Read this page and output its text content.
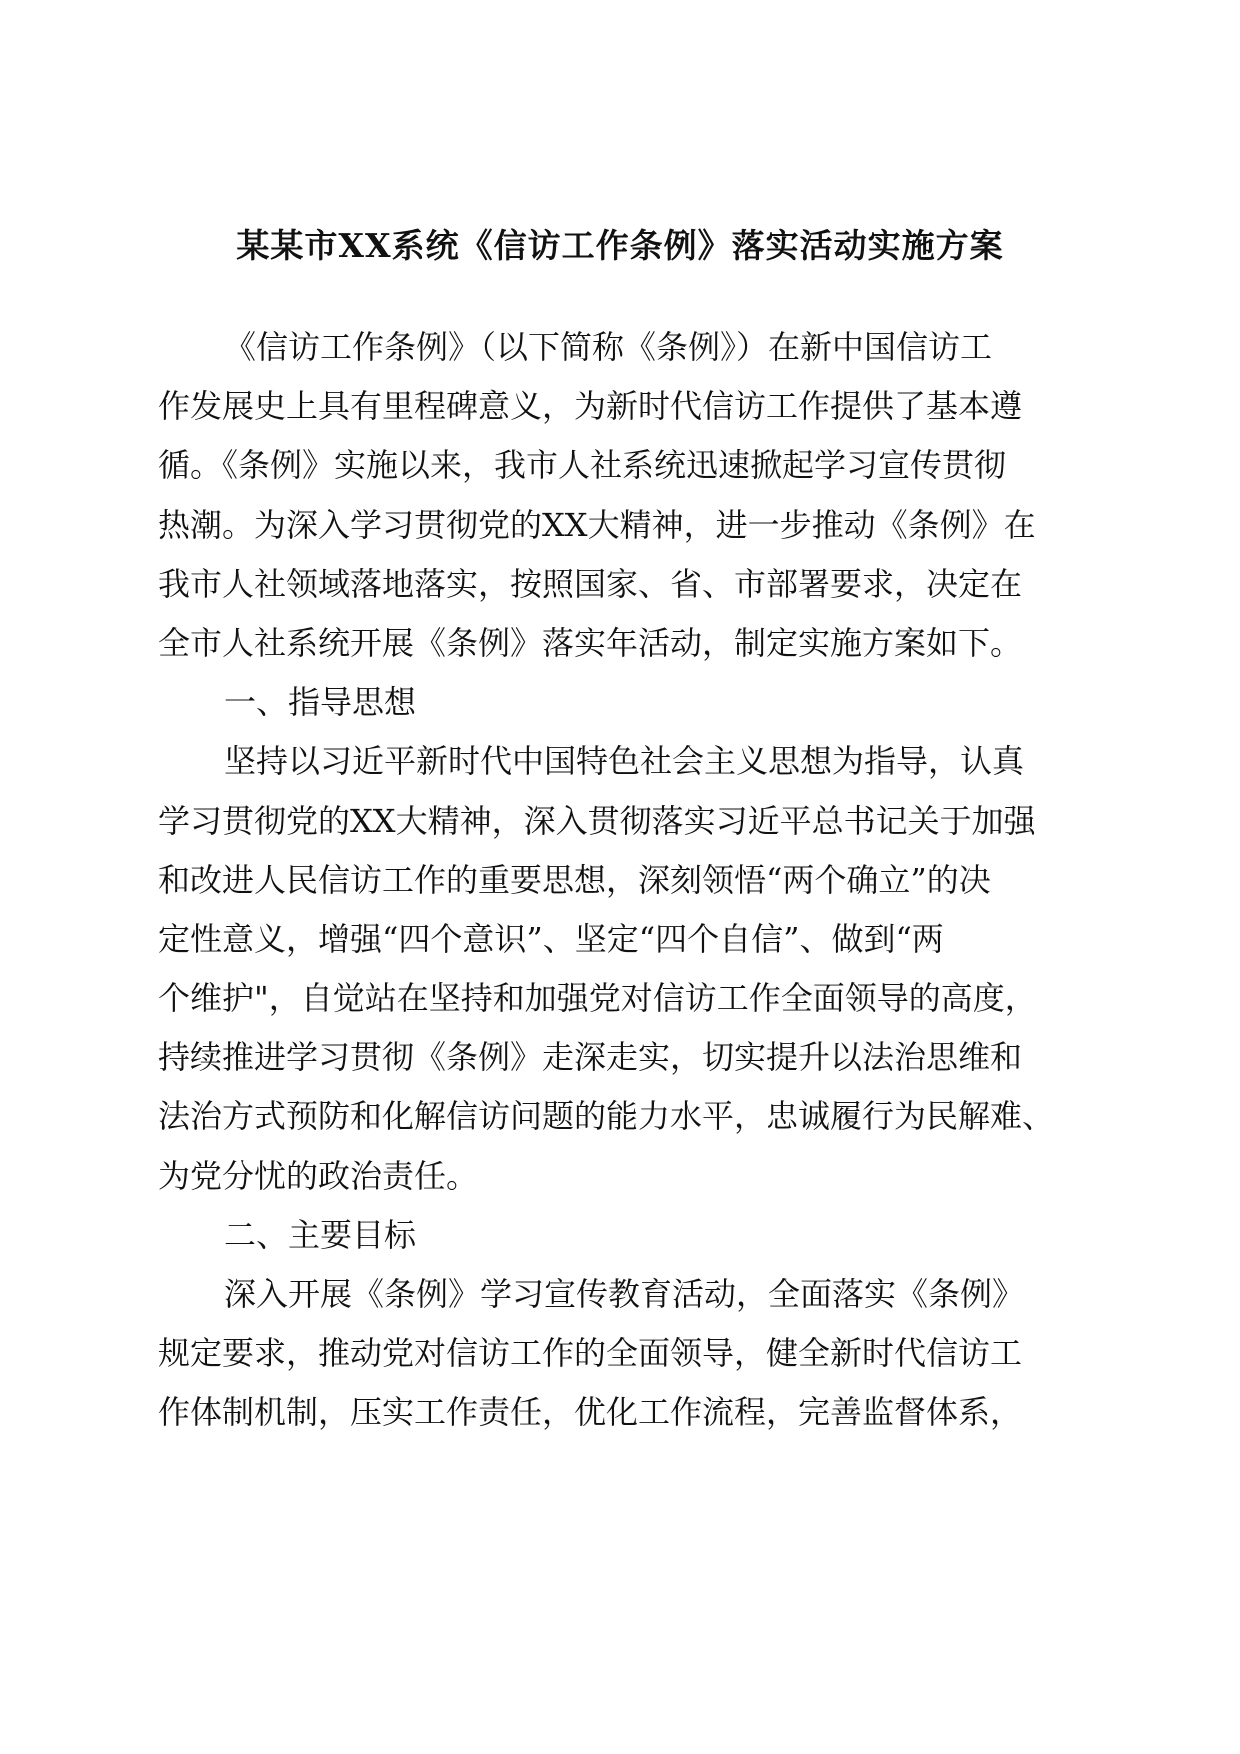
某某市XX系统《信访工作条例》落实活动实施方案
《信访工作条例》（以下简称《条例》）在新中国信访工
作发展史上具有里程碑意义，为新时代信访工作提供了基本遵
循。《条例》实施以来，我市人社系统迅速掀起学习宣传贯彻
热潮。为深入学习贯彻党的XX大精神，进一步推动《条例》在
我市人社领域落地落实，按照国家、省、市部署要求，决定在
全市人社系统开展《条例》落实年活动，制定实施方案如下。
一、指导思想
坚持以习近平新时代中国特色社会主义思想为指导，认真
学习贯彻党的XX大精神，深入贯彻落实习近平总书记关于加强
和改进人民信访工作的重要思想，深刻领悟“两个确立”的决
定性意义，增强“四个意识”、坚定“四个自信”、做到“两
个维护"，自觉站在坚持和加强党对信访工作全面领导的高度，
持续推进学习贯彻《条例》走深走实，切实提升以法治思维和
法治方式预防和化解信访问题的能力水平，忠诚履行为民解难、
为党分忧的政治责任。
二、主要目标
深入开展《条例》学习宣传教育活动，全面落实《条例》
规定要求，推动党对信访工作的全面领导，健全新时代信访工
作体制机制，压实工作责任，优化工作流程，完善监督体系，
